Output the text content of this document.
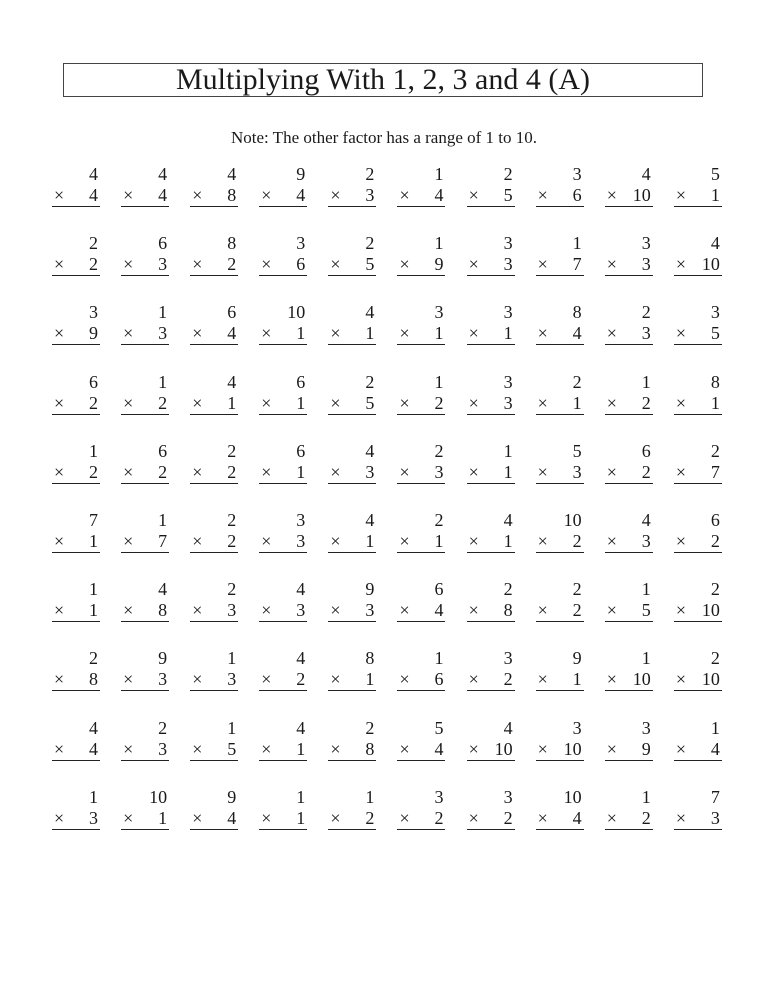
Multiplying With 1, 2, 3 and 4 (A)
Note: The other factor has a range of 1 to 10.
4
× 4
4
× 4
4
× 8
9
× 4
2
× 3
1
× 4
2
× 5
3
× 6
4
× 10
5
× 1
2
× 2
6
× 3
8
× 2
3
× 6
2
× 5
1
× 9
3
× 3
1
× 7
3
× 3
4
× 10
3
× 9
1
× 3
6
× 4
10
× 1
4
× 1
3
× 1
3
× 1
8
× 4
2
× 3
3
× 5
6
× 2
1
× 2
4
× 1
6
× 1
2
× 5
1
× 2
3
× 3
2
× 1
1
× 2
8
× 1
1
× 2
6
× 2
2
× 2
6
× 1
4
× 3
2
× 3
1
× 1
5
× 3
6
× 2
2
× 7
7
× 1
1
× 7
2
× 2
3
× 3
4
× 1
2
× 1
4
× 1
10
× 2
4
× 3
6
× 2
1
× 1
4
× 8
2
× 3
4
× 3
9
× 3
6
× 4
2
× 8
2
× 2
1
× 5
2
× 10
2
× 8
9
× 3
1
× 3
4
× 2
8
× 1
1
× 6
3
× 2
9
× 1
1
× 10
2
× 10
4
× 4
2
× 3
1
× 5
4
× 1
2
× 8
5
× 4
4
× 10
3
× 10
3
× 9
1
× 4
1
× 3
10
× 1
9
× 4
1
× 1
1
× 2
3
× 2
3
× 2
10
× 4
1
× 2
7
× 3
